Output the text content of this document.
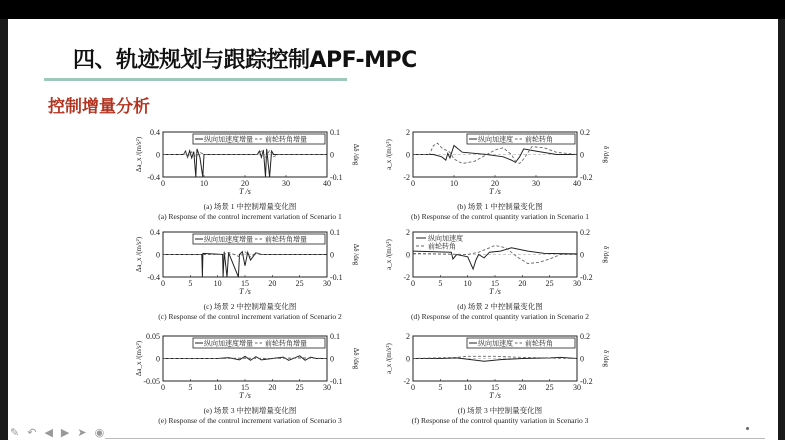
四、轨迹规划与跟踪控制APF-MPC
控制增量分析
0	10	20	30	40
-0.4
0
0.4
-0.1
0
0.1
T /s
Δa_x /(m/s²)	Δδ /deg
纵向加速度增量 前轮转角增量
(a) 场景 1 中控制增量变化图
(a) Response of the control increment variation of Scenario 1
0	10	20	30	40
-2
0
2
-0.2
0
0.2
T /s
a_x /(m/s²)	δ /deg
纵向加速度 前轮转角
(b) 场景 1 中控制量变化图
(b) Response of the control quantity variation in Scenario 1
0	5	10 15 20 25 30
-0.4
0
0.4
-0.1
0
0.1
T /s
Δa_x /(m/s²)	Δδ /deg
纵向加速度增量 前轮转角增量
(c) 场景 2 中控制增量变化图
(c) Response of the control increment variation of Scenario 2
0	5	10 15 20 25 30
-2
0
2
-0.2
0
0.2
T /s
a_x /(m/s²)	δ /deg
纵向加速度
前轮转角
(d) 场景 2 中控制量变化图
(d) Response of the control quantity variation in Scenario 2
0	5	10 15 20 25 30
-0.05
0
0.05
-0.1
0
0.1
T /s
Δa_x /(m/s²)	Δδ /deg
纵向加速度增量 前轮转角增量
(e) 场景 3 中控制增量变化图
(e) Response of the control increment variation of Scenario 3
0	5	10 15 20 25 30
-2
0
2
-0.2
0
0.2
T /s
a_x /(m/s²)	δ /deg
纵向加速度 前轮转角
(f) 场景 3 中控制量变化图
(f) Response of the control quantity variation in Scenario 3
✎ ↶ ◀ ▶ ➤ ◉
